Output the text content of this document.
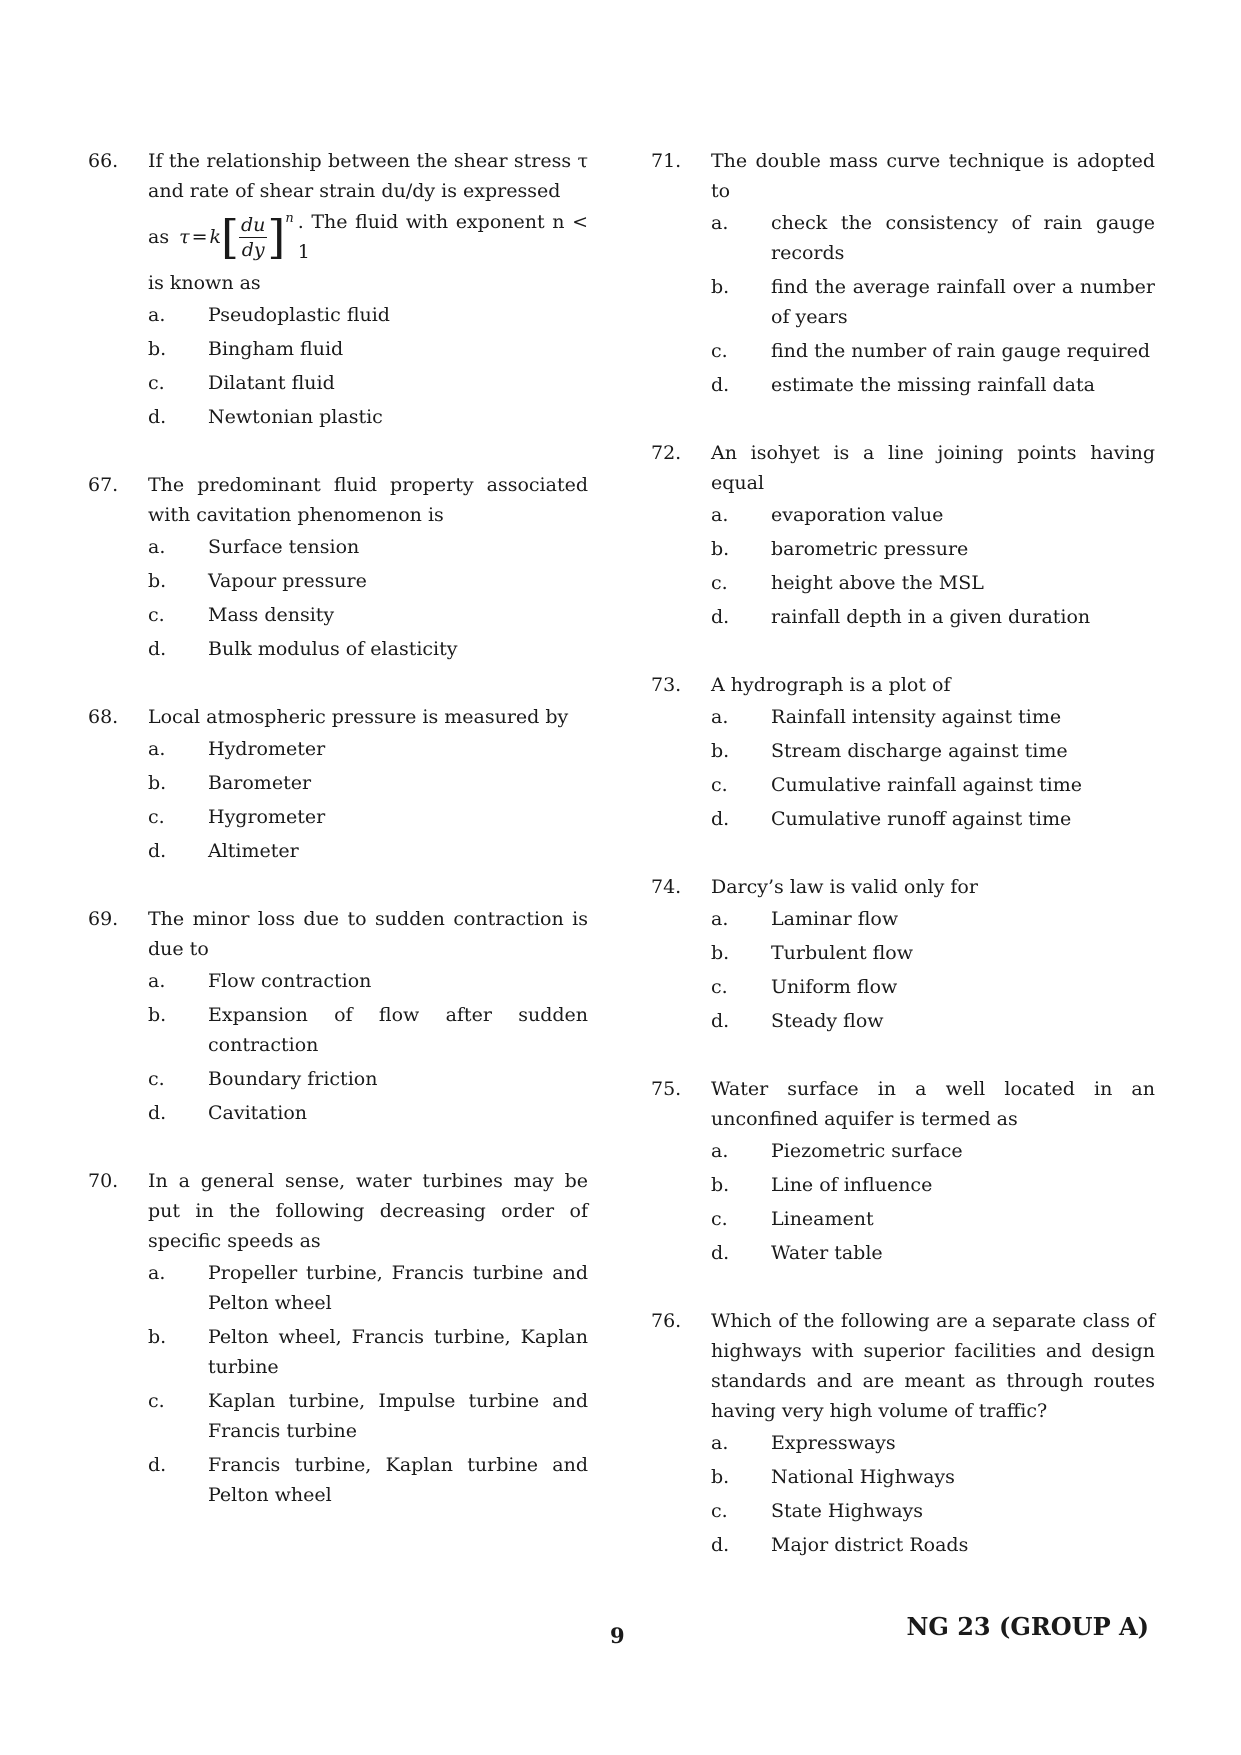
66.	If the relationship between the shear stress τ and rate of shear strain du/dy is expressed
as τ = k [ $\frac{du}{dy}$ ] n . The fluid with exponent n < 1
is known as
a.	Pseudoplastic fluid
b.	Bingham fluid
c.	Dilatant fluid
d.	Newtonian plastic
67.	The predominant fluid property associated with cavitation phenomenon is
a.	Surface tension
b.	Vapour pressure
c.	Mass density
d.	Bulk modulus of elasticity
68.	Local atmospheric pressure is measured by
a.	Hydrometer
b.	Barometer
c.	Hygrometer
d.	Altimeter
69.	The minor loss due to sudden contraction is due to
a.	Flow contraction
b.	Expansion of flow after sudden contraction
c.	Boundary friction
d.	Cavitation
70.	In a general sense, water turbines may be put in the following decreasing order of specific speeds as
a.	Propeller turbine, Francis turbine and Pelton wheel
b.	Pelton wheel, Francis turbine, Kaplan turbine
c.	Kaplan turbine, Impulse turbine and Francis turbine
d.	Francis turbine, Kaplan turbine and Pelton wheel
71.	The double mass curve technique is adopted to
a.	check the consistency of rain gauge records
b.	find the average rainfall over a number of years
c.	find the number of rain gauge required
d.	estimate the missing rainfall data
72.	An isohyet is a line joining points having equal
a.	evaporation value
b.	barometric pressure
c.	height above the MSL
d.	rainfall depth in a given duration
73.	A hydrograph is a plot of
a.	Rainfall intensity against time
b.	Stream discharge against time
c.	Cumulative rainfall against time
d.	Cumulative runoff against time
74.	Darcy’s law is valid only for
a.	Laminar flow
b.	Turbulent flow
c.	Uniform flow
d.	Steady flow
75.	Water surface in a well located in an unconfined aquifer is termed as
a.	Piezometric surface
b.	Line of influence
c.	Lineament
d.	Water table
76.	Which of the following are a separate class of highways with superior facilities and design standards and are meant as through routes having very high volume of traffic?
a.	Expressways
b.	National Highways
c.	State Highways
d.	Major district Roads
9	NG 23 (GROUP A)
